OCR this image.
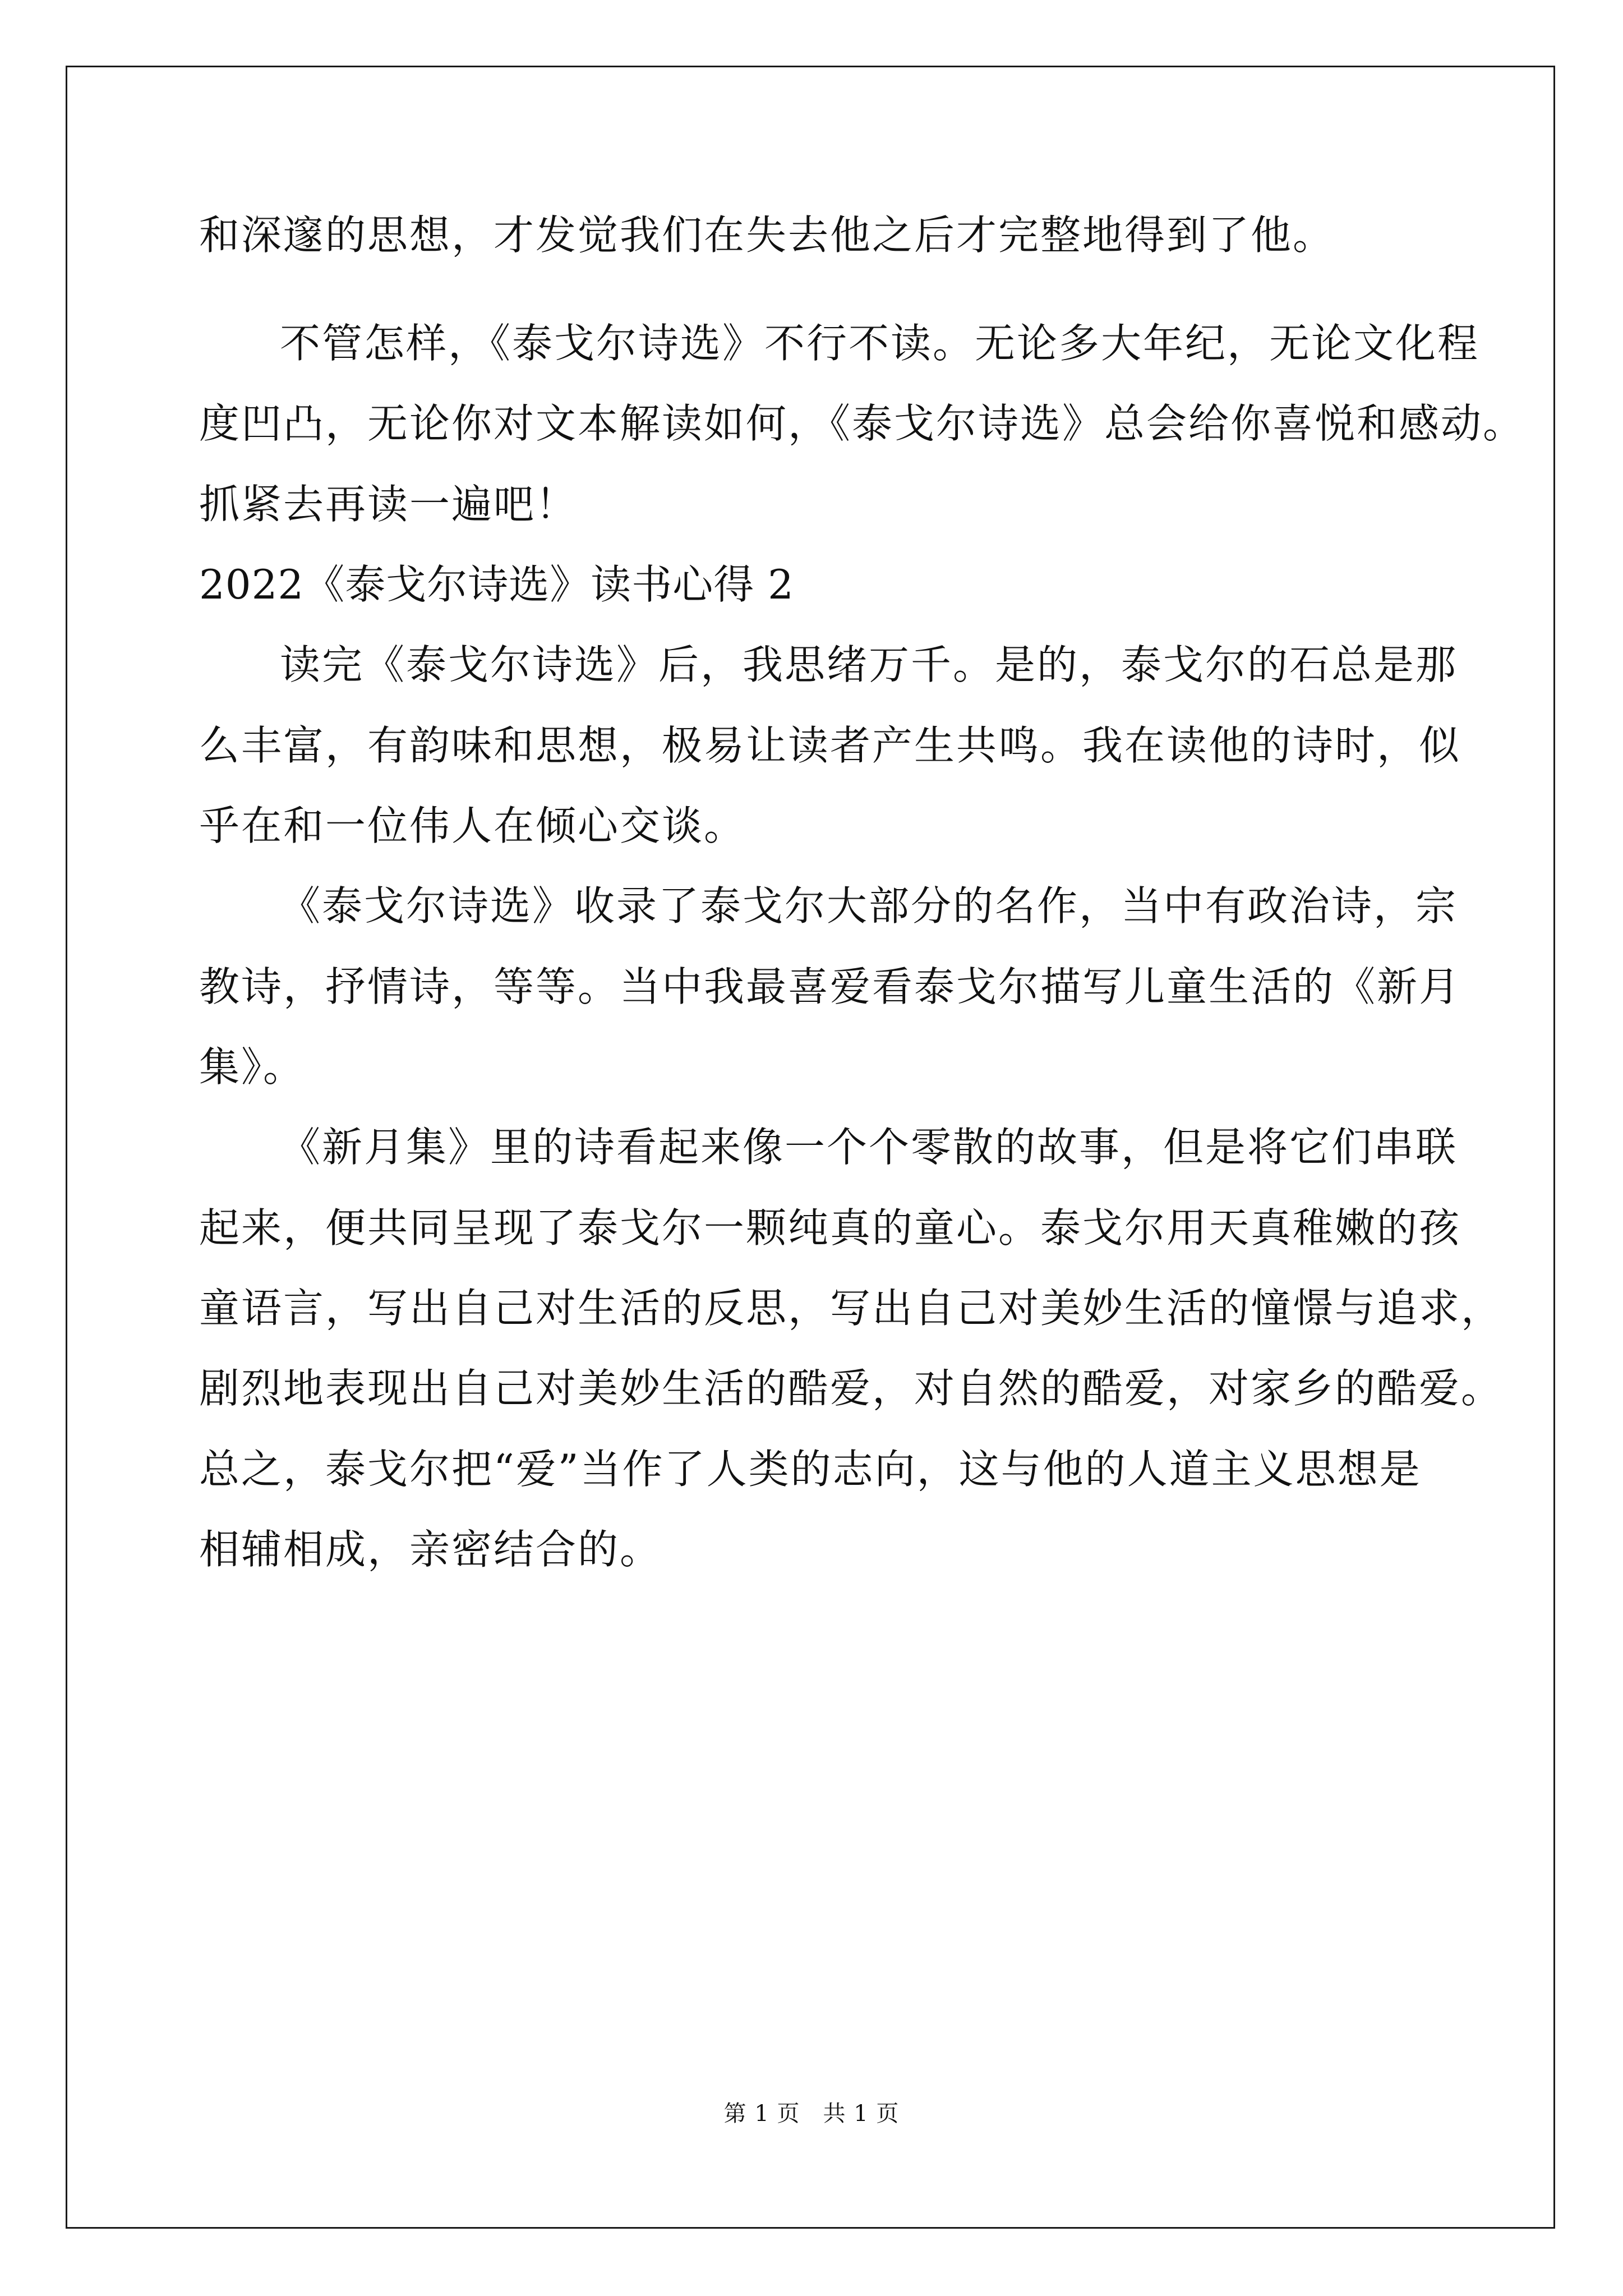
和深邃的思想，才发觉我们在失去他之后才完整地得到了他。
不管怎样，《泰戈尔诗选》不行不读。无论多大年纪，无论文化程
度凹凸，无论你对文本解读如何，《泰戈尔诗选》总会给你喜悦和感动。
抓紧去再读一遍吧！
2022《泰戈尔诗选》读书心得 2
读完《泰戈尔诗选》后，我思绪万千。是的，泰戈尔的石总是那
么丰富，有韵味和思想，极易让读者产生共鸣。我在读他的诗时，似
乎在和一位伟人在倾心交谈。
《泰戈尔诗选》收录了泰戈尔大部分的名作，当中有政治诗，宗
教诗，抒情诗，等等。当中我最喜爱看泰戈尔描写儿童生活的《新月
集》。
《新月集》里的诗看起来像一个个零散的故事，但是将它们串联
起来，便共同呈现了泰戈尔一颗纯真的童心。泰戈尔用天真稚嫩的孩
童语言，写出自己对生活的反思，写出自己对美妙生活的憧憬与追求，
剧烈地表现出自己对美妙生活的酷爱，对自然的酷爱，对家乡的酷爱。
总之，泰戈尔把“爱”当作了人类的志向，这与他的人道主义思想是
相辅相成，亲密结合的。
第 1 页　共 1 页
